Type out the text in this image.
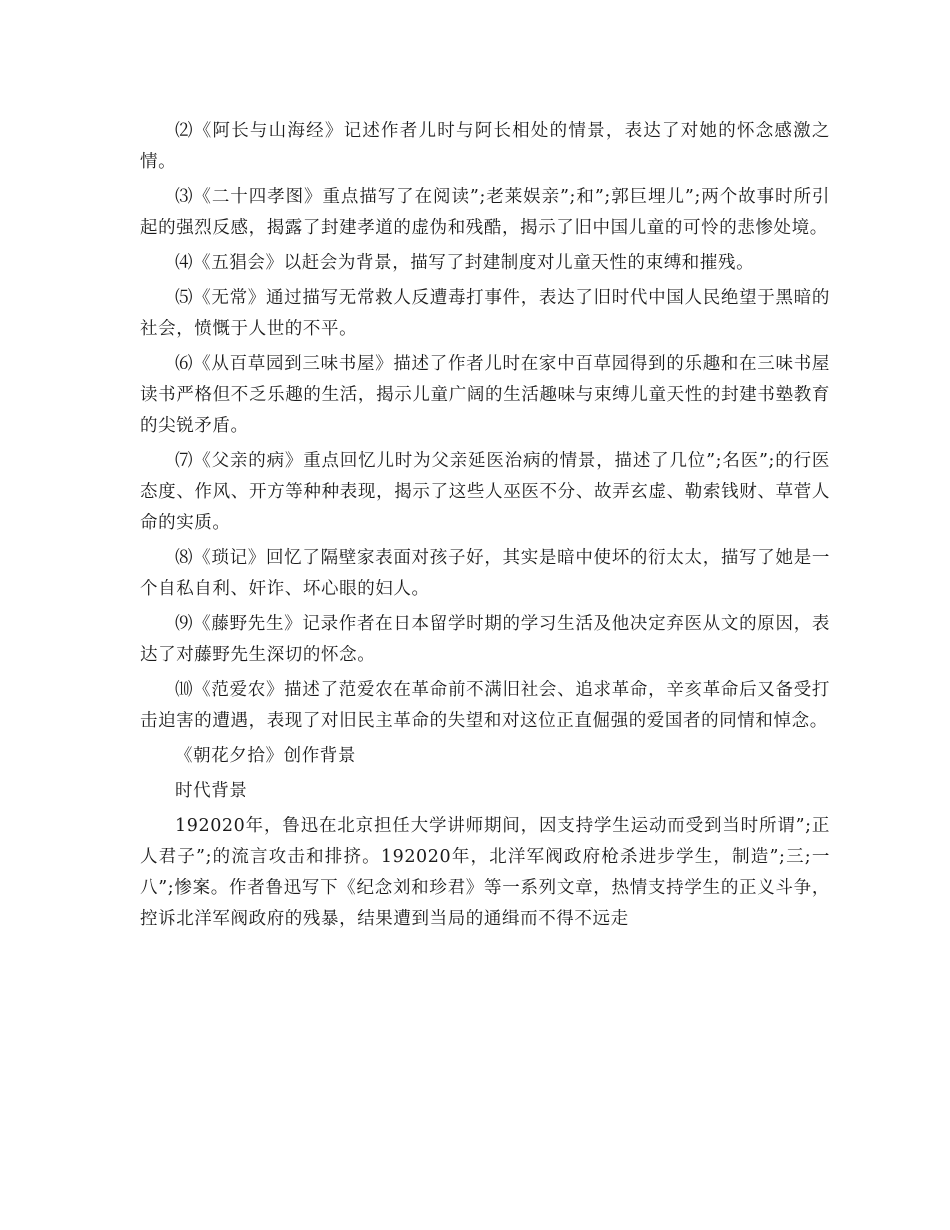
⑵《阿长与山海经》记述作者儿时与阿长相处的情景，表达了对她的怀念感激之情。

⑶《二十四孝图》重点描写了在阅读”;老莱娱亲”;和”;郭巨埋儿”;两个故事时所引起的强烈反感，揭露了封建孝道的虚伪和残酷，揭示了旧中国儿童的可怜的悲惨处境。

⑷《五猖会》以赶会为背景，描写了封建制度对儿童天性的束缚和摧残。

⑸《无常》通过描写无常救人反遭毒打事件，表达了旧时代中国人民绝望于黑暗的社会，愤慨于人世的不平。

⑹《从百草园到三味书屋》描述了作者儿时在家中百草园得到的乐趣和在三味书屋读书严格但不乏乐趣的生活，揭示儿童广阔的生活趣味与束缚儿童天性的封建书塾教育的尖锐矛盾。

⑺《父亲的病》重点回忆儿时为父亲延医治病的情景，描述了几位”;名医”;的行医态度、作风、开方等种种表现，揭示了这些人巫医不分、故弄玄虚、勒索钱财、草菅人命的实质。

⑻《琐记》回忆了隔壁家表面对孩子好，其实是暗中使坏的衍太太，描写了她是一个自私自利、奸诈、坏心眼的妇人。

⑼《藤野先生》记录作者在日本留学时期的学习生活及他决定弃医从文的原因，表达了对藤野先生深切的怀念。

⑽《范爱农》描述了范爱农在革命前不满旧社会、追求革命，辛亥革命后又备受打击迫害的遭遇，表现了对旧民主革命的失望和对这位正直倔强的爱国者的同情和悼念。

《朝花夕拾》创作背景

时代背景

192020年，鲁迅在北京担任大学讲师期间，因支持学生运动而受到当时所谓”;正人君子”;的流言攻击和排挤。192020年，北洋军阀政府枪杀进步学生，制造”;三;一八”;惨案。作者鲁迅写下《纪念刘和珍君》等一系列文章，热情支持学生的正义斗争，控诉北洋军阀政府的残暴，结果遭到当局的通缉而不得不远走
